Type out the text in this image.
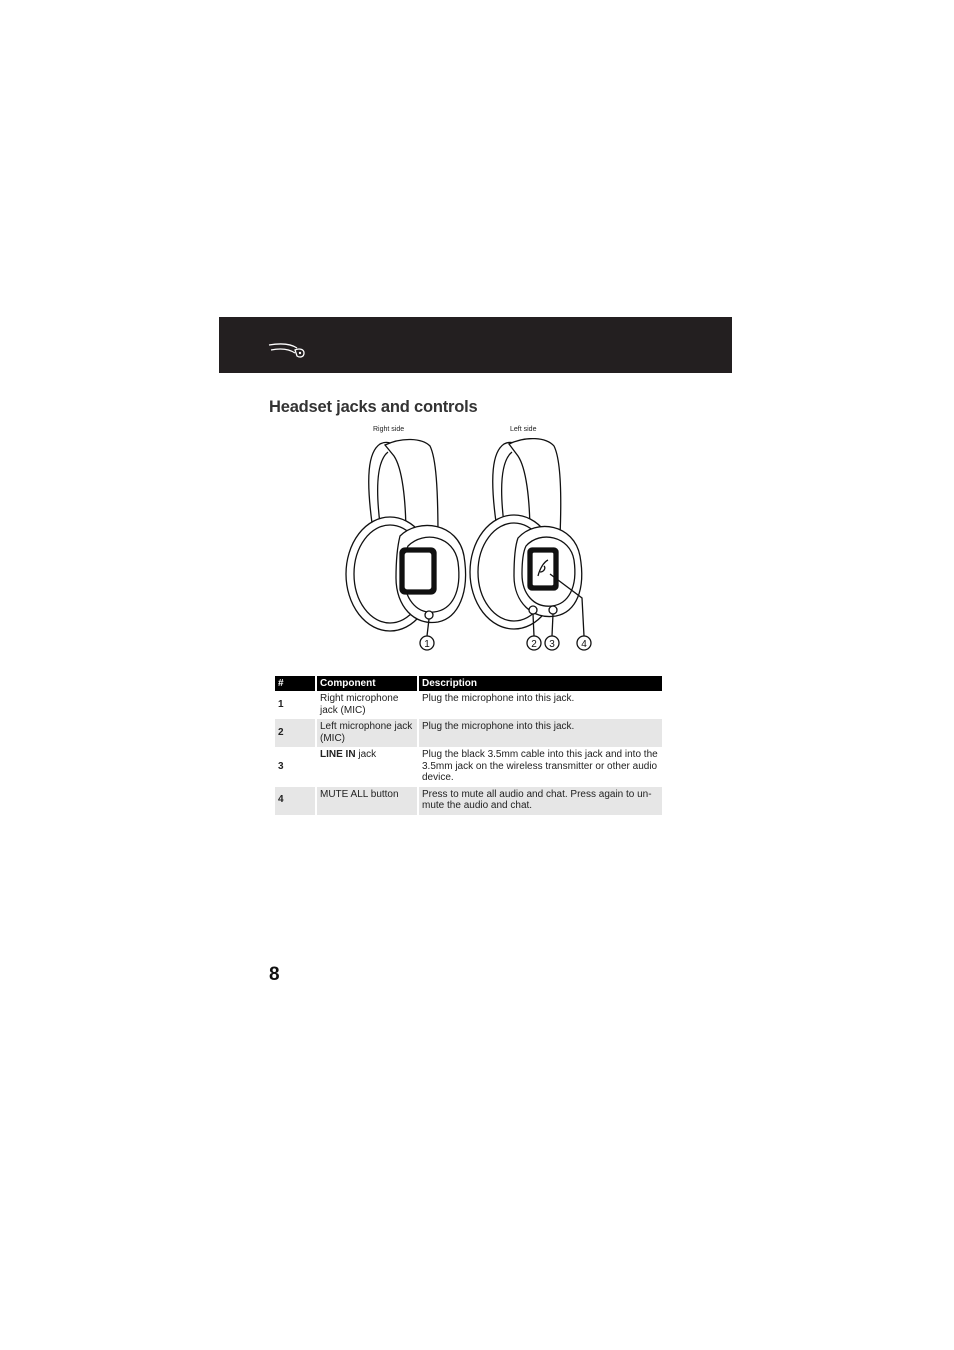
Headset jacks and controls
Right side	Left side
1	2 3	4
#	Component	Description
1	Right microphone jack (MIC)	Plug the microphone into this jack.
2	Left microphone jack (MIC)	Plug the microphone into this jack.
3	LINE IN jack	Plug the black 3.5mm cable into this jack and into the 3.5mm jack on the wireless transmitter or other audio device.
4	MUTE ALL button	Press to mute all audio and chat. Press again to un-mute the audio and chat.
8
